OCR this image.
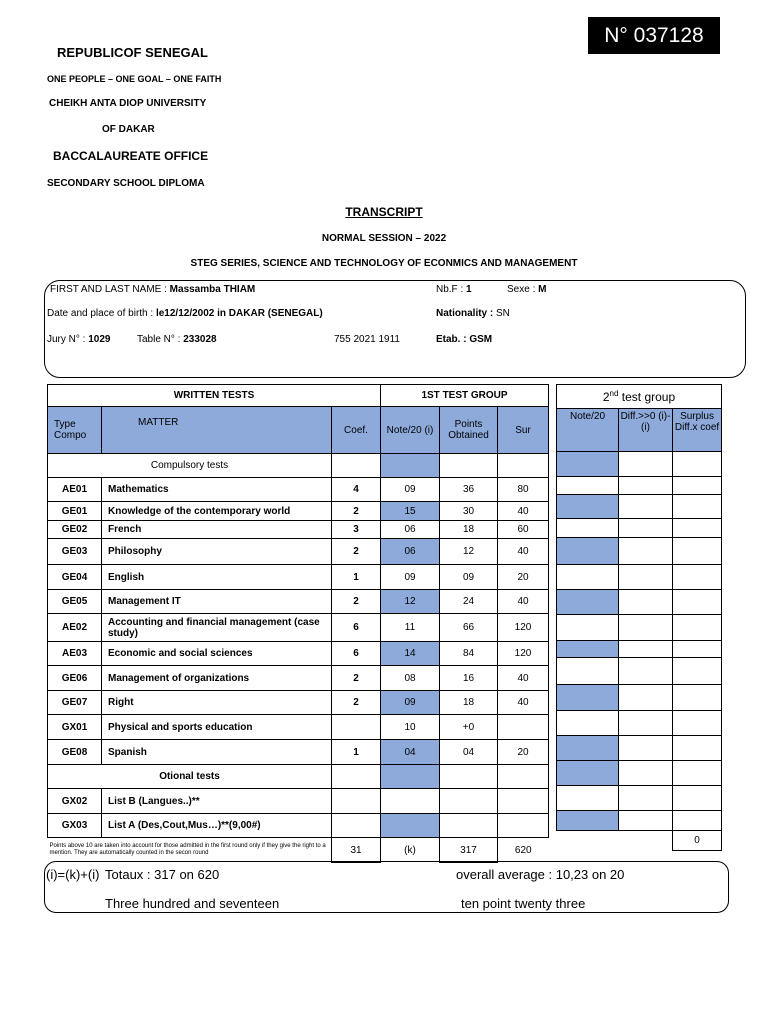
N° 037128
REPUBLICOF SENEGAL
ONE PEOPLE – ONE GOAL – ONE FAITH
CHEIKH ANTA DIOP UNIVERSITY
OF DAKAR
BACCALAUREATE OFFICE
SECONDARY SCHOOL DIPLOMA
TRANSCRIPT
NORMAL SESSION – 2022
STEG SERIES, SCIENCE AND TECHNOLOGY OF ECONMICS AND MANAGEMENT
FIRST AND LAST NAME : Massamba THIAM	Nb.F : 1	Sexe : M
Date and place of birth : le12/12/2002 in DAKAR (SENEGAL)	Nationality : SN
Jury N° : 1029	Table N° : 233028	755 2021 1911	Etab. : GSM
WRITTEN TESTS			1ST TEST GROUP		
Type Compo	MATTER	Coef.	Note/20 (i)	Points Obtained	Sur
Compulsory tests					
AE01	Mathematics	4	09	36	80
GE01	Knowledge of the contemporary world	2	15	30	40
GE02	French	3	06	18	60
GE03	Philosophy	2	06	12	40
GE04	English	1	09	09	20
GE05	Management IT	2	12	24	40
AE02	Accounting and financial management (case study)	6	11	66	120
AE03	Economic and social sciences	6	14	84	120
GE06	Management of organizations	2	08	16	40
GE07	Right	2	09	18	40
GX01	Physical and sports education		10	+0	
GE08	Spanish	1	04	04	20
Otional tests					
GX02	List B (Langues..)**				
GX03	List A (Des,Cout,Mus…)**(9,00#)				
Points above 10 are taken into account for those admitted in the first round only if they give the right to a mention. They are automatically counted in the secon round		31	(k)	317	620
2nd test group		
Note/20	Diff.>>0 (i)-(i)	Surplus Diff.x coef

		0
(i)=(k)+(i) Totaux : 317 on 620
Three hundred and seventeen
overall average : 10,23 on 20
ten point twenty three
